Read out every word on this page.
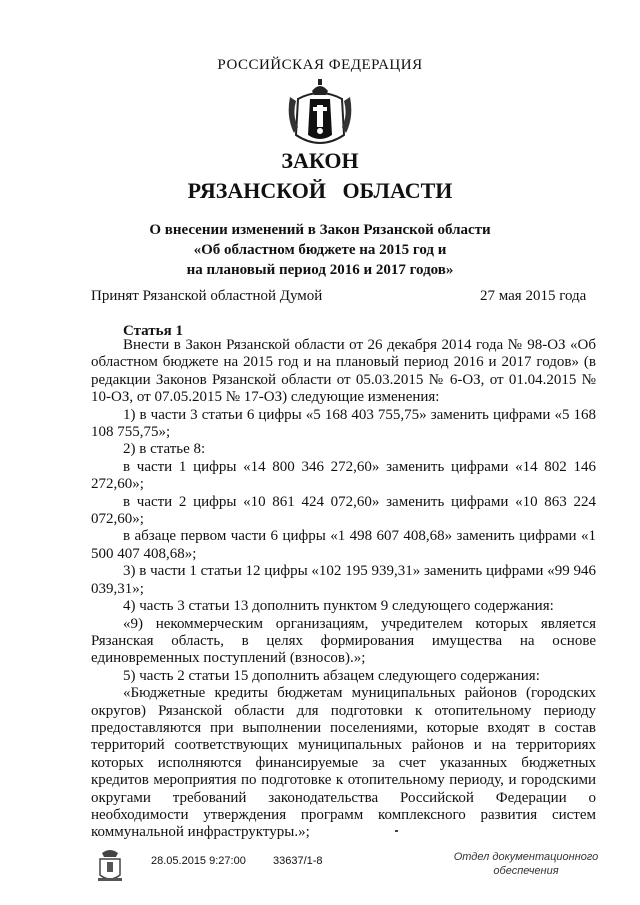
РОССИЙСКАЯ ФЕДЕРАЦИЯ
ЗАКОН
РЯЗАНСКОЙ   ОБЛАСТИ
О внесении изменений в Закон Рязанской области
«Об областном бюджете на 2015 год и
на плановый период 2016 и 2017 годов»
Принят Рязанской областной Думой	27 мая 2015 года
Статья 1

Внести в Закон Рязанской области от 26 декабря 2014 года № 98-ОЗ «Об областном бюджете на 2015 год и на плановый период 2016 и 2017 годов» (в редакции Законов Рязанской области от 05.03.2015 № 6-ОЗ, от 01.04.2015 № 10-ОЗ, от 07.05.2015 № 17-ОЗ) следующие изменения:

1) в части 3 статьи 6 цифры «5 168 403 755,75» заменить цифрами «5 168 108 755,75»;

2) в статье 8:

в части 1 цифры «14 800 346 272,60» заменить цифрами «14 802 146 272,60»;

в части 2 цифры «10 861 424 072,60» заменить цифрами «10 863 224 072,60»;

в абзаце первом части 6 цифры «1 498 607 408,68» заменить цифрами «1 500 407 408,68»;

3) в части 1 статьи 12 цифры «102 195 939,31» заменить цифрами «99 946 039,31»;

4) часть 3 статьи 13 дополнить пунктом 9 следующего содержания:

«9) некоммерческим организациям, учредителем которых является Рязанская область, в целях формирования имущества на основе единовременных поступлений (взносов).»;

5) часть 2 статьи 15 дополнить абзацем следующего содержания:

«Бюджетные кредиты бюджетам муниципальных районов (городских округов) Рязанской области для подготовки к отопительному периоду предоставляются при выполнении поселениями, которые входят в состав территорий соответствующих муниципальных районов и на территориях которых исполняются финансируемые за счет указанных бюджетных кредитов мероприятия по подготовке к отопительному периоду, и городскими округами требований законодательства Российской Федерации о необходимости утверждения программ комплексного развития систем коммунальной инфраструктуры.»;

28.05.2015 9:27:00 33637/1-8	Отдел документационного
обеспечения
